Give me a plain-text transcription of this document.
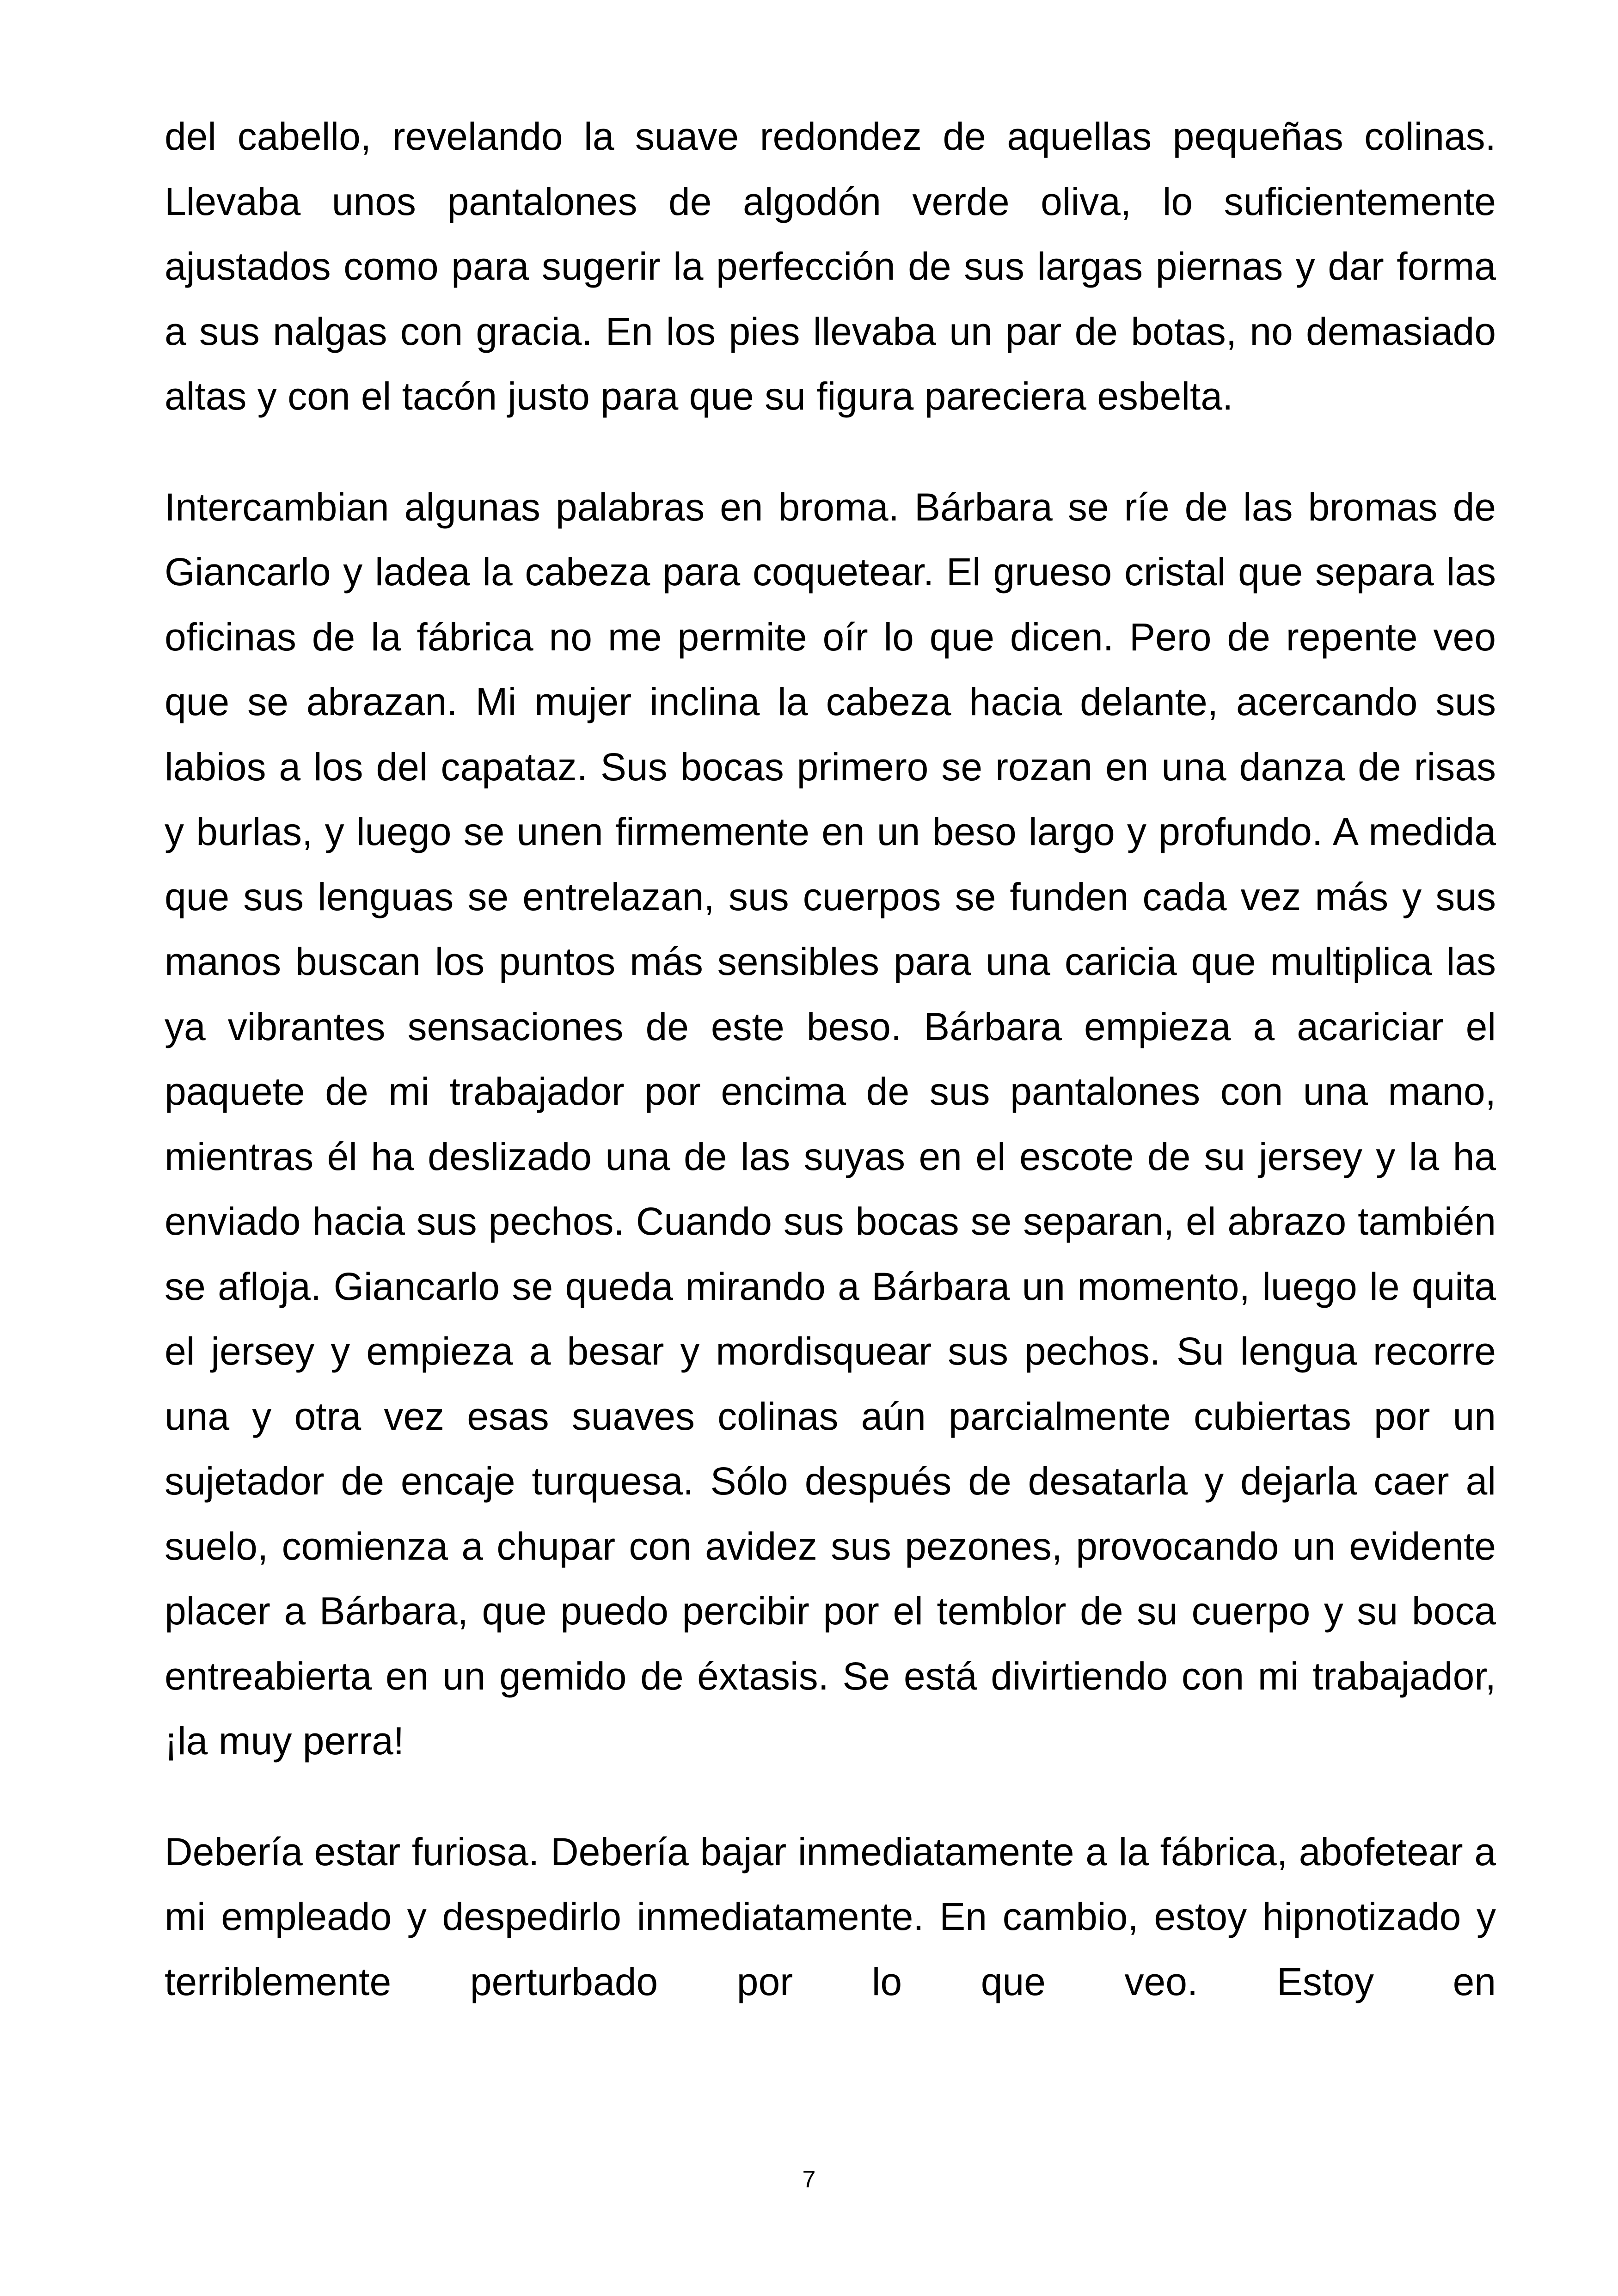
del cabello, revelando la suave redondez de aquellas pequeñas colinas. Llevaba unos pantalones de algodón verde oliva, lo suficientemente ajustados como para sugerir la perfección de sus largas piernas y dar forma a sus nalgas con gracia. En los pies llevaba un par de botas, no demasiado altas y con el tacón justo para que su figura pareciera esbelta.

Intercambian algunas palabras en broma. Bárbara se ríe de las bromas de Giancarlo y ladea la cabeza para coquetear. El grueso cristal que separa las oficinas de la fábrica no me permite oír lo que dicen. Pero de repente veo que se abrazan. Mi mujer inclina la cabeza hacia delante, acercando sus labios a los del capataz. Sus bocas primero se rozan en una danza de risas y burlas, y luego se unen firmemente en un beso largo y profundo. A medida que sus lenguas se entrelazan, sus cuerpos se funden cada vez más y sus manos buscan los puntos más sensibles para una caricia que multiplica las ya vibrantes sensaciones de este beso. Bárbara empieza a acariciar el paquete de mi trabajador por encima de sus pantalones con una mano, mientras él ha deslizado una de las suyas en el escote de su jersey y la ha enviado hacia sus pechos. Cuando sus bocas se separan, el abrazo también se afloja. Giancarlo se queda mirando a Bárbara un momento, luego le quita el jersey y empieza a besar y mordisquear sus pechos. Su lengua recorre una y otra vez esas suaves colinas aún parcialmente cubiertas por un sujetador de encaje turquesa. Sólo después de desatarla y dejarla caer al suelo, comienza a chupar con avidez sus pezones, provocando un evidente placer a Bárbara, que puedo percibir por el temblor de su cuerpo y su boca entreabierta en un gemido de éxtasis. Se está divirtiendo con mi trabajador, ¡la muy perra!

Debería estar furiosa. Debería bajar inmediatamente a la fábrica, abofetear a mi empleado y despedirlo inmediatamente. En cambio, estoy hipnotizado y terriblemente perturbado por lo que veo. Estoy en

7
